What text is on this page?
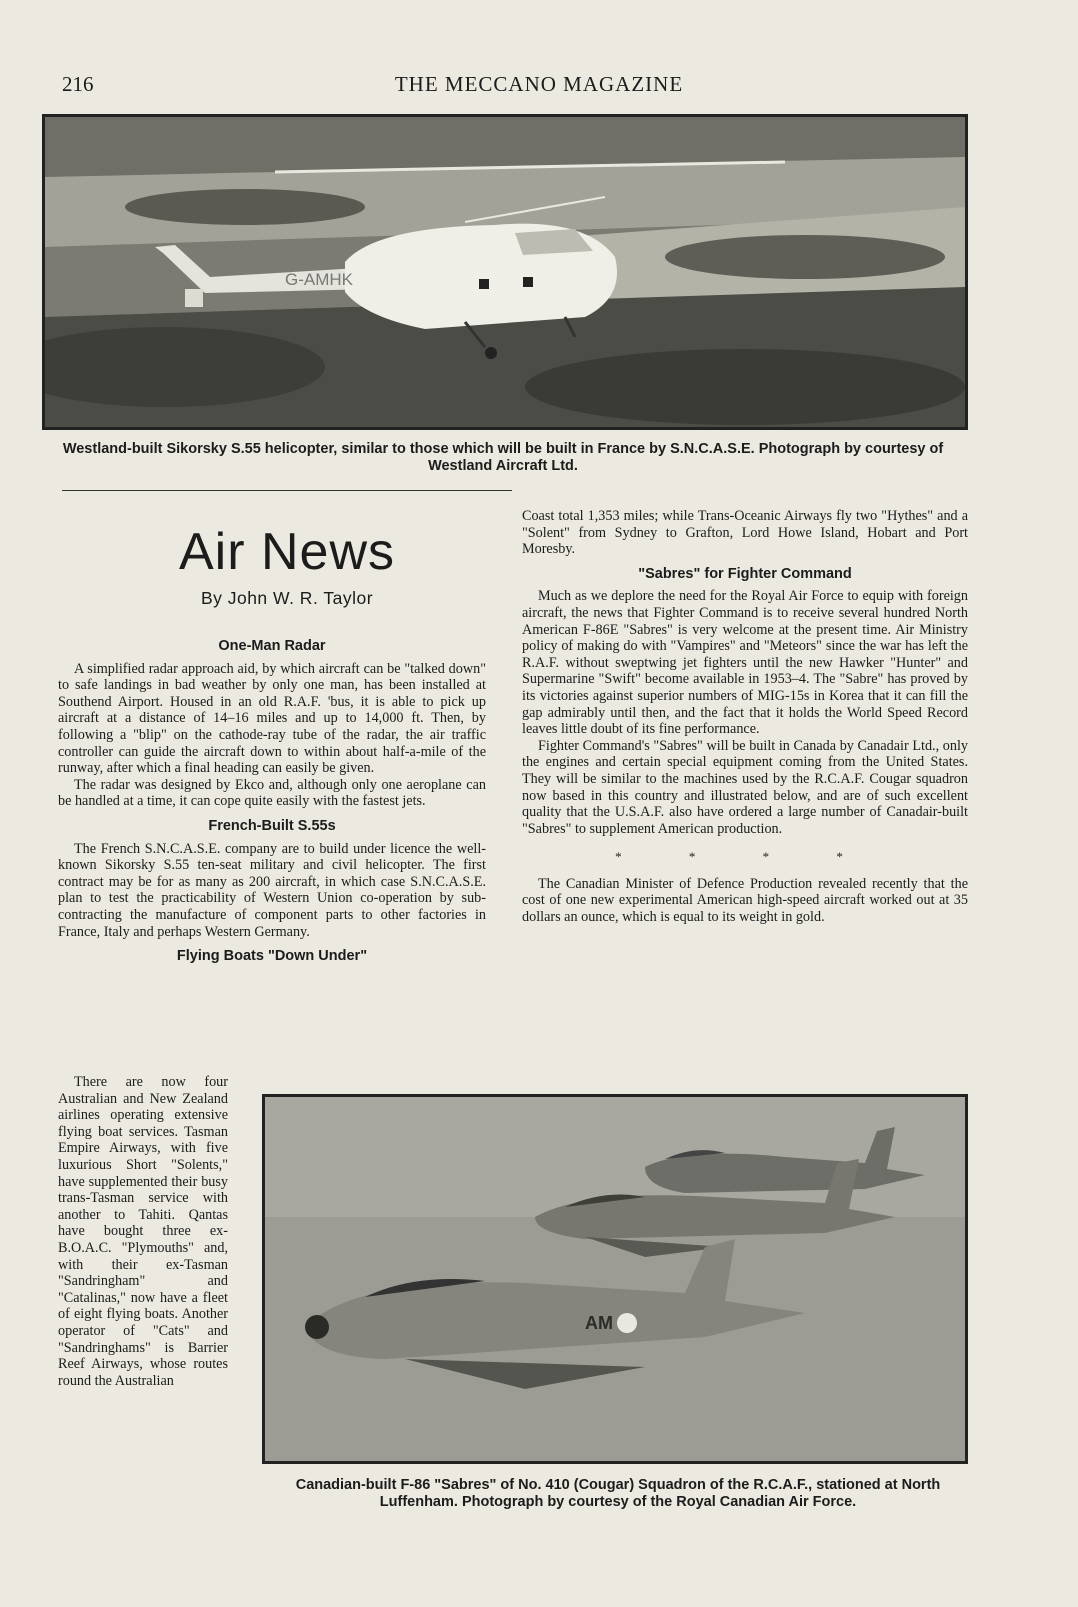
216	THE MECCANO MAGAZINE
G-AMHK
Westland-built Sikorsky S.55 helicopter, similar to those which will be built in France by S.N.C.A.S.E. Photograph by courtesy of Westland Aircraft Ltd.
Air News
By John W. R. Taylor
One-Man Radar

A simplified radar approach aid, by which aircraft can be "talked down" to safe landings in bad weather by only one man, has been installed at Southend Airport. Housed in an old R.A.F. 'bus, it is able to pick up aircraft at a distance of 14–16 miles and up to 14,000 ft. Then, by following a "blip" on the cathode-ray tube of the radar, the air traffic controller can guide the aircraft down to within about half-a-mile of the runway, after which a final heading can easily be given.

The radar was designed by Ekco and, although only one aeroplane can be handled at a time, it can cope quite easily with the fastest jets.

French-Built S.55s

The French S.N.C.A.S.E. company are to build under licence the well-known Sikorsky S.55 ten-seat military and civil helicopter. The first contract may be for as many as 200 aircraft, in which case S.N.C.A.S.E. plan to test the practicability of Western Union co-operation by sub-contracting the manufacture of component parts to other factories in France, Italy and perhaps Western Germany.

Flying Boats "Down Under"

There are now four Australian and New Zealand airlines operating extensive flying boat services. Tasman Empire Airways, with five luxurious Short "Solents," have supplemented their busy trans-Tasman service with another to Tahiti. Qantas have bought three ex-B.O.A.C. "Plymouths" and, with their ex-Tasman "Sandringham" and "Catalinas," now have a fleet of eight flying boats. Another operator of "Cats" and "Sandringhams" is Barrier Reef Airways, whose routes round the Australian

Coast total 1,353 miles; while Trans-Oceanic Airways fly two "Hythes" and a "Solent" from Sydney to Grafton, Lord Howe Island, Hobart and Port Moresby.

"Sabres" for Fighter Command

Much as we deplore the need for the Royal Air Force to equip with foreign aircraft, the news that Fighter Command is to receive several hundred North American F-86E "Sabres" is very welcome at the present time. Air Ministry policy of making do with "Vampires" and "Meteors" since the war has left the R.A.F. without sweptwing jet fighters until the new Hawker "Hunter" and Supermarine "Swift" become available in 1953–4. The "Sabre" has proved by its victories against superior numbers of MIG-15s in Korea that it can fill the gap admirably until then, and the fact that it holds the World Speed Record leaves little doubt of its fine performance.

Fighter Command's "Sabres" will be built in Canada by Canadair Ltd., only the engines and certain special equipment coming from the United States. They will be similar to the machines used by the R.C.A.F. Cougar squadron now based in this country and illustrated below, and are of such excellent quality that the U.S.A.F. also have ordered a large number of Canadair-built "Sabres" to supplement American production.

* * * *

The Canadian Minister of Defence Production revealed recently that the cost of one new experimental American high-speed aircraft worked out at 35 dollars an ounce, which is equal to its weight in gold.

AM
Canadian-built F-86 "Sabres" of No. 410 (Cougar) Squadron of the R.C.A.F., stationed at North Luffenham. Photograph by courtesy of the Royal Canadian Air Force.
